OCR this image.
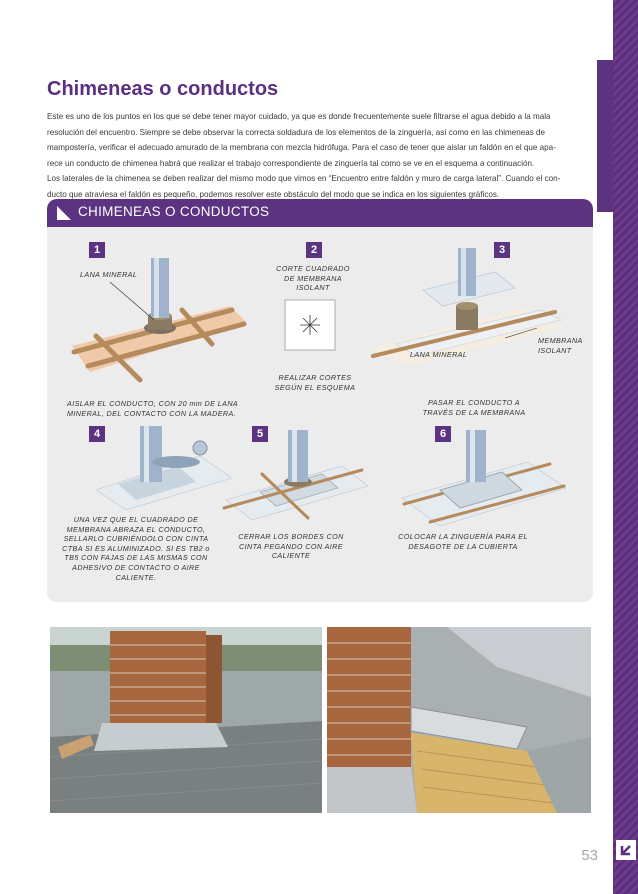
DETALLES CONSTRUCTIVOS
Chimeneas o conductos

Este es uno de los puntos en los que se debe tener mayor cuidado, ya que es donde frecuentemente suele filtrarse el agua debido a la mala

resolución del encuentro. Siempre se debe observar la correcta soldadura de los elementos de la zinguería, así como en las chimeneas de

mampostería, verificar el adecuado amurado de la membrana con mezcla hidrófuga. Para el caso de tener que aislar un faldón en el que apa-

rece un conducto de chimenea habrá que realizar el trabajo correspondiente de zinguería tal como se ve en el esquema a continuación.

Los laterales de la chimenea se deben realizar del mismo modo que vimos en “Encuentro entre faldón y muro de carga lateral”. Cuando el con-

ducto que atraviesa el faldón es pequeño, podemos resolver este obstáculo del modo que se indica en los siguientes gráficos.

CHIMENEAS O CONDUCTOS
1	2	3
4	5	6
LANA MINERAL
AISLAR EL CONDUCTO, CON 20 mm DE LANA MINERAL, DEL CONTACTO CON LA MADERA.
CORTE CUADRADO DE MEMBRANA ISOLANT
REALIZAR CORTES SEGÚN EL ESQUEMA
LANA MINERAL
MEMBRANA ISOLANT
PASAR EL CONDUCTO A TRAVÉS DE LA MEMBRANA
UNA VEZ QUE EL CUADRADO DE MEMBRANA ABRAZA EL CONDUCTO, SELLARLO CUBRIÉNDOLO CON CINTA CTBA SI ES ALUMINIZADO. SI ES TB2 o TB5 CON FAJAS DE LAS MISMAS CON ADHESIVO DE CONTACTO O AIRE CALIENTE.
CERRAR LOS BORDES CON CINTA PEGANDO CON AIRE CALIENTE
COLOCAR LA ZINGUERÍA PARA EL DESAGOTE DE LA CUBIERTA
53
